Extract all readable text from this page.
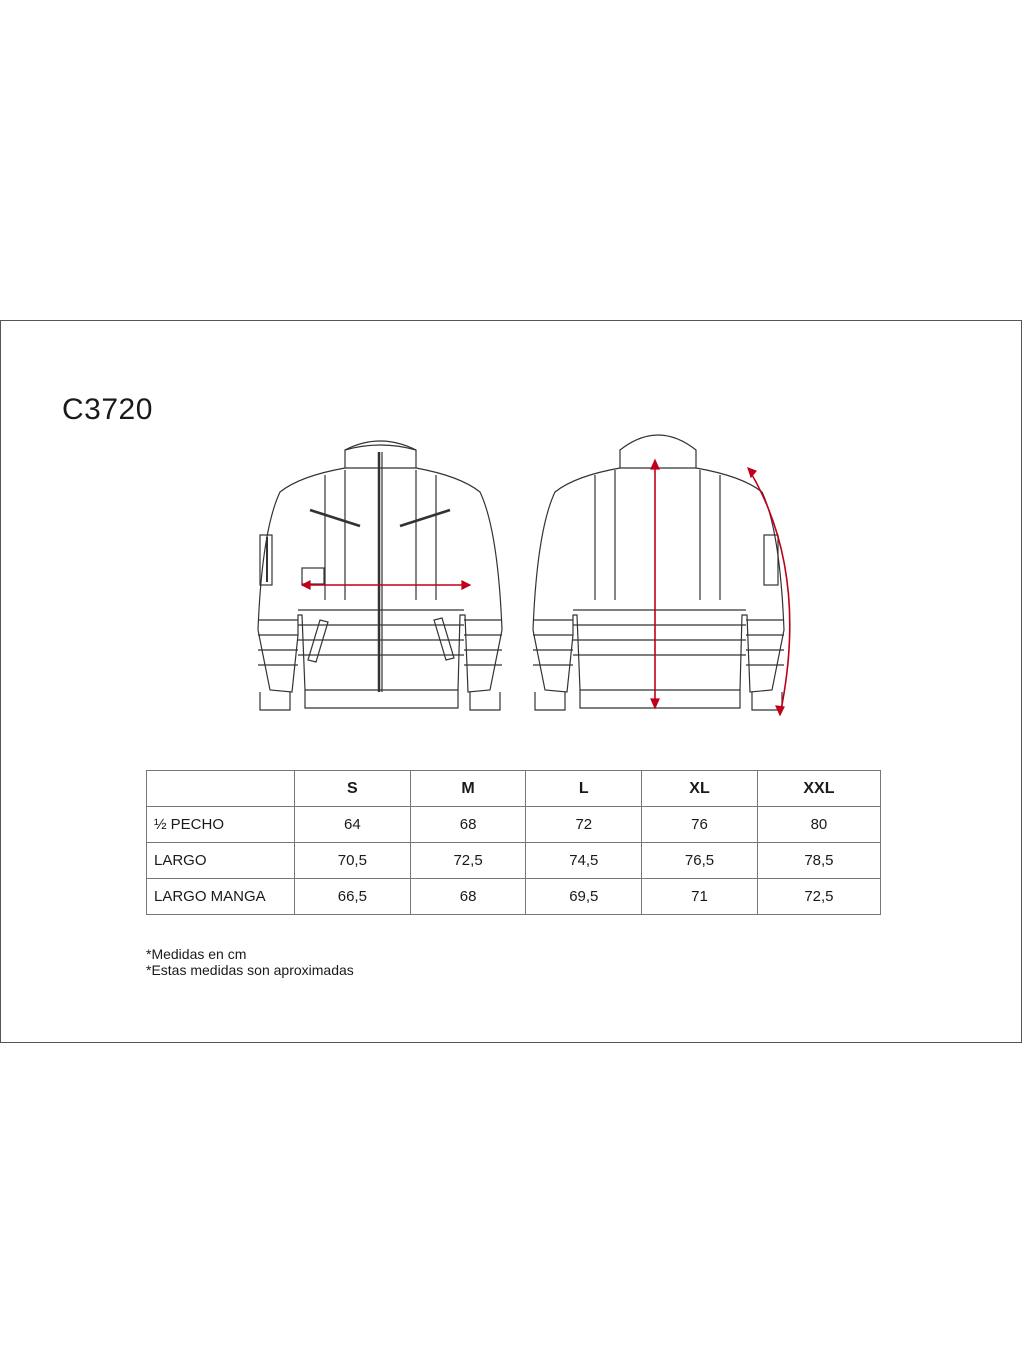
C3720
	S	M	L	XL	XXL
½ PECHO	64	68	72	76	80
LARGO	70,5	72,5	74,5	76,5	78,5
LARGO MANGA	66,5	68	69,5	71	72,5
*Medidas en cm
*Estas medidas son aproximadas
